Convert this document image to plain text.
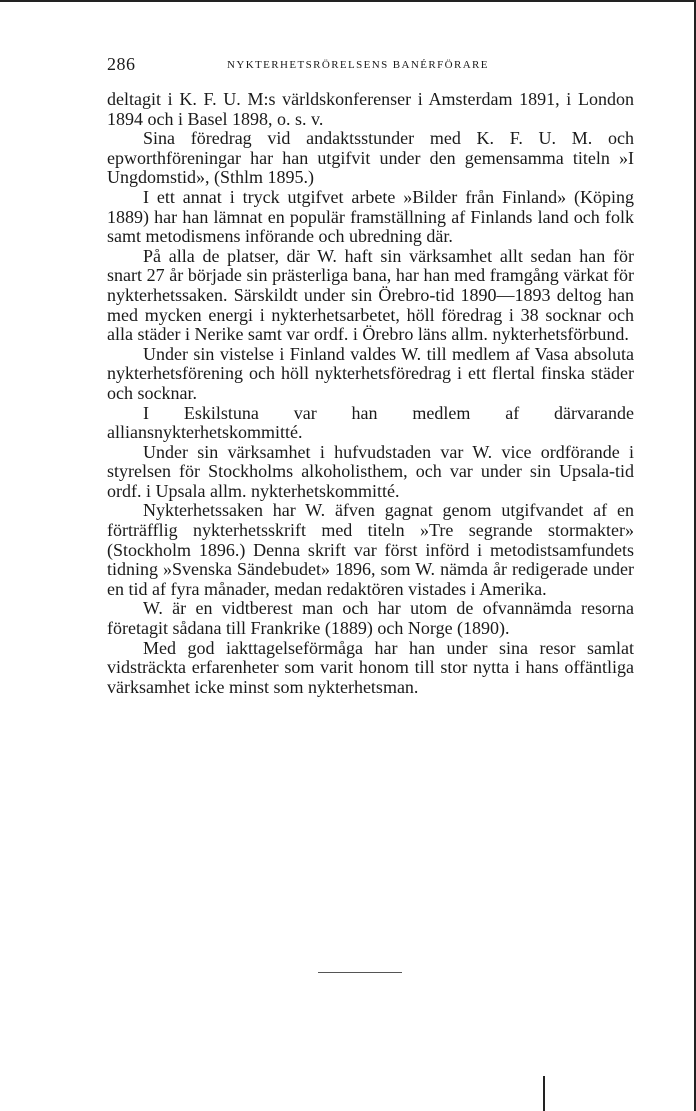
286	NYKTERHETSRÖRELSENS BANÉRFÖRARE

deltagit i K. F. U. M:s världskonferenser i Amsterdam 1891, i London 1894 och i Basel 1898, o. s. v.

Sina föredrag vid andaktsstunder med K. F. U. M. och epworthföreningar har han utgifvit under den gemensamma titeln »I Ungdomstid», (Sthlm 1895.)

I ett annat i tryck utgifvet arbete »Bilder från Finland» (Köping 1889) har han lämnat en populär framställning af Finlands land och folk samt metodismens införande och ubredning där.

På alla de platser, där W. haft sin värksamhet allt sedan han för snart 27 år började sin prästerliga bana, har han med framgång värkat för nykterhetssaken. Särskildt under sin Örebro-tid 1890—1893 deltog han med mycken energi i nykterhetsarbetet, höll föredrag i 38 socknar och alla städer i Nerike samt var ordf. i Örebro läns allm. nykterhetsförbund.

Under sin vistelse i Finland valdes W. till medlem af Vasa absoluta nykterhetsförening och höll nykterhetsföredrag i ett flertal finska städer och socknar.

I Eskilstuna var han medlem af därvarande alliansnykterhetskommitté.

Under sin värksamhet i hufvudstaden var W. vice ordförande i styrelsen för Stockholms alkoholisthem, och var under sin Upsala-tid ordf. i Upsala allm. nykterhetskommitté.

Nykterhetssaken har W. äfven gagnat genom utgifvandet af en förträfflig nykterhetsskrift med titeln »Tre segrande stormakter» (Stockholm 1896.) Denna skrift var först införd i metodistsamfundets tidning »Svenska Sändebudet» 1896, som W. nämda år redigerade under en tid af fyra månader, medan redaktören vistades i Amerika.

W. är en vidtberest man och har utom de ofvannämda resorna företagit sådana till Frankrike (1889) och Norge (1890).

Med god iakttagelseförmåga har han under sina resor samlat vidsträckta erfarenheter som varit honom till stor nytta i hans offäntliga värksamhet icke minst som nykterhetsman.
